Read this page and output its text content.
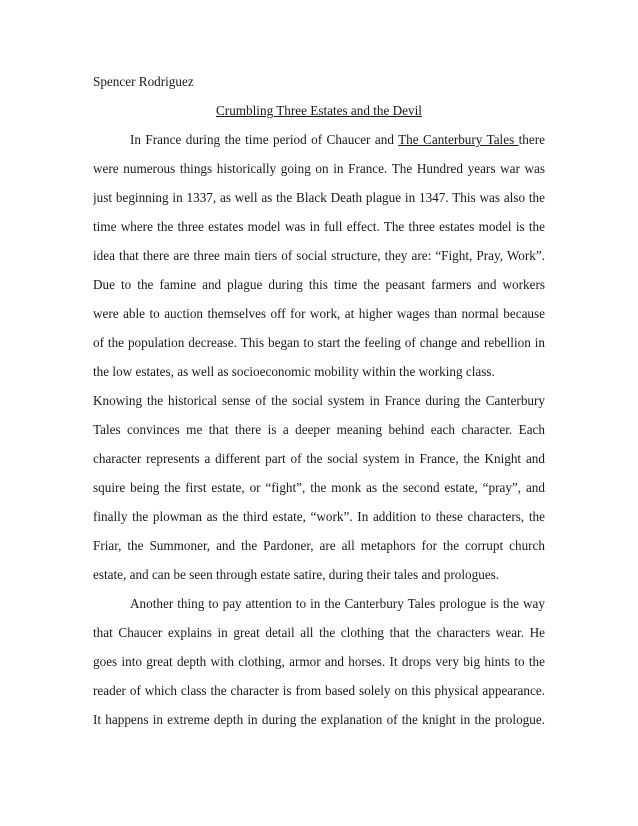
Spencer Rodriguez
Crumbling Three Estates and the Devil
In France during the time period of Chaucer and The Canterbury Tales there
were numerous things historically going on in France. The Hundred years war was
just beginning in 1337, as well as the Black Death plague in 1347. This was also the
time where the three estates model was in full effect. The three estates model is the
idea that there are three main tiers of social structure, they are: “Fight, Pray, Work”.
Due to the famine and plague during this time the peasant farmers and workers
were able to auction themselves off for work, at higher wages than normal because
of the population decrease. This began to start the feeling of change and rebellion in
the low estates, as well as socioeconomic mobility within the working class.
Knowing the historical sense of the social system in France during the Canterbury
Tales convinces me that there is a deeper meaning behind each character. Each
character represents a different part of the social system in France, the Knight and
squire being the first estate, or “fight”, the monk as the second estate, “pray”, and
finally the plowman as the third estate, “work”. In addition to these characters, the
Friar, the Summoner, and the Pardoner, are all metaphors for the corrupt church
estate, and can be seen through estate satire, during their tales and prologues.
Another thing to pay attention to in the Canterbury Tales prologue is the way
that Chaucer explains in great detail all the clothing that the characters wear. He
goes into great depth with clothing, armor and horses. It drops very big hints to the
reader of which class the character is from based solely on this physical appearance.
It happens in extreme depth in during the explanation of the knight in the prologue.
